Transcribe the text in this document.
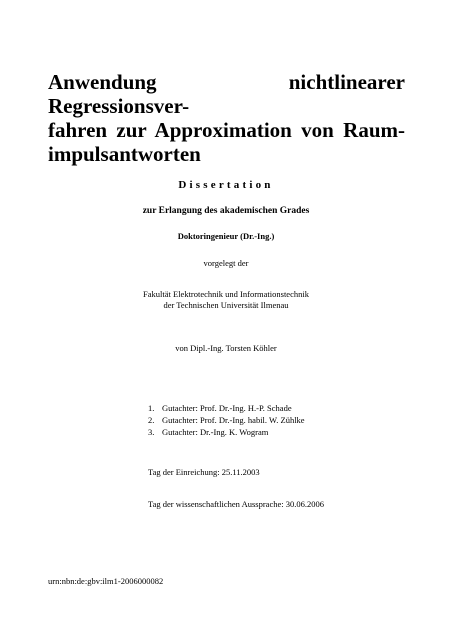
Anwendung nichtlinearer Regressionsver-
fahren zur Approximation von Raum-
impulsantworten
Dissertation
zur Erlangung des akademischen Grades
Doktoringenieur (Dr.-Ing.)
vorgelegt der
Fakultät Elektrotechnik und Informationstechnik
der Technischen Universität Ilmenau
von Dipl.-Ing. Torsten Köhler
1. Gutachter: Prof. Dr.-Ing. H.-P. Schade
2. Gutachter: Prof. Dr.-Ing. habil. W. Zühlke
3. Gutachter: Dr.-Ing. K. Wogram
Tag der Einreichung: 25.11.2003
Tag der wissenschaftlichen Aussprache: 30.06.2006
urn:nbn:de:gbv:ilm1-2006000082
